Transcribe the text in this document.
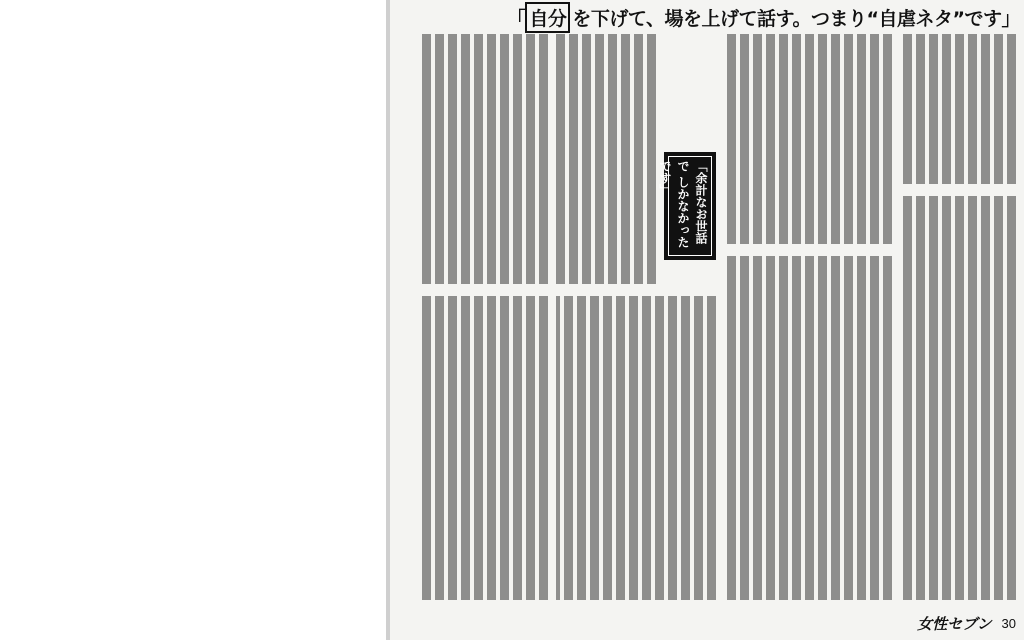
「 自分 を下げて、場を上げて話す。つまり“自虐ネタ”です」
「余計なお世話で しかなかったです」
女性セブン 30
